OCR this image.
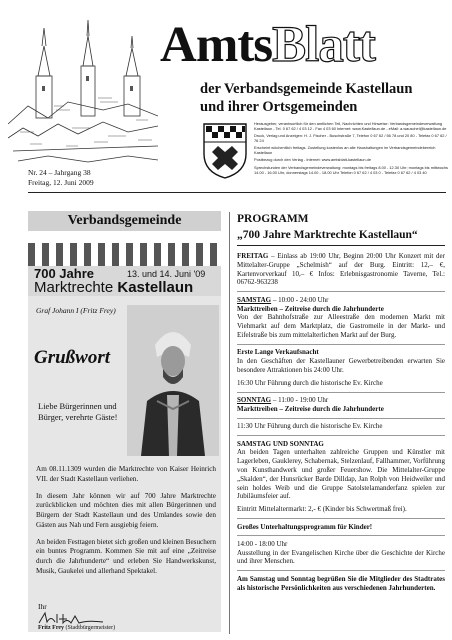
AmtsBlatt
der Verbandsgemeinde Kastellaun
und ihrer Ortsgemeinden

Herausgeber, verantwortlich für den amtlichen Teil, Nachrichten und Hinweise: Verbandsgemeindeverwaltung Kastellaun - Tel. 0 67 62 / 4 03 12 - Fax 4 03 60 Internet: www.Kastellaun.de - eMail: a.wauschel@kastellaun.de

Druck, Verlag und Anzeigen: H. J. Fischer - Buschstraße 7, Telefon 0 67 62 / 56 78 und 20 80 - Telefax 0 67 62 / 76 24

Erscheint wöchentlich freitags. Zustellung kostenlos an alle Haushaltungen im Verbandsgemeindebereich Kastellaun

Postbezug durch den Verlag - Internet: www.amtsblatt-kastellaun.de

Sprechstunden der Verbandsgemeindeverwaltung: montags bis freitags 8.00 - 12.30 Uhr; montags bis mittwochs 14.00 - 16.00 Uhr, donnerstags 14.00 - 18.00 Uhr Telefon 0 67 62 / 4 03 0 - Telefax 0 67 62 / 4 03 40

Nr. 24 – Jahrgang 38
Freitag, 12. Juni 2009
Verbandsgemeinde
700 Jahre	13. und 14. Juni '09
Marktrechte Kastellaun
Graf Johann I (Fritz Frey)
Grußwort
Liebe Bürgerinnen und Bürger, verehrte Gäste!

Am 08.11.1309 wurden die Marktrechte von Kaiser Heinrich VII. der Stadt Kastellaun verliehen.

In diesem Jahr können wir auf 700 Jahre Marktrechte zurückblicken und möchten dies mit allen Bürgerinnen und Bürgern der Stadt Kastellaun und des Umlandes sowie den Gästen aus Nah und Fern ausgiebig feiern.

An beiden Festtagen bietet sich großen und kleinen Besuchern ein buntes Programm. Kommen Sie mit auf eine „Zeitreise durch die Jahrhunderte“ und erleben Sie Handwerkskunst, Musik, Gaukelei und allerhand Spektakel.

Ihr
Fritz Frey (Stadtbürgermeister)
PROGRAMM
„700 Jahre Marktrechte Kastellaun“
FREITAG – Einlass ab 19:00 Uhr, Beginn 20:00 Uhr Konzert mit der Mittelalter-Gruppe „Schelmish“ auf der Burg. Eintritt: 12,– €, Kartenvorverkauf 10,– € Infos: Erlebnisgastronomie Taverne, Tel.: 06762-963238
SAMSTAG – 10:00 - 24:00 Uhr
Markttreiben – Zeitreise durch die Jahrhunderte
Von der Bahnhofstraße zur Alleestraße den modernen Markt mit Viehmarkt auf dem Marktplatz, die Gastromeile in der Markt- und Eifelstraße bis zum mittelalterlichen Markt auf der Burg.
Erste Lange Verkaufsnacht
In den Geschäften der Kastellauner Gewerbetreibenden erwarten Sie besondere Attraktionen bis 24:00 Uhr.
16:30 Uhr Führung durch die historische Ev. Kirche
SONNTAG – 11:00 - 19:00 Uhr
Markttreiben – Zeitreise durch die Jahrhunderte
11:30 Uhr Führung durch die historische Ev. Kirche
SAMSTAG UND SONNTAG
An beiden Tagen unterhalten zahlreiche Gruppen und Künstler mit Lagerleben, Gauklerey, Schabernak, Stelzenlauf, Fallhammer, Vorführung von Kunsthandwerk und großer Feuershow. Die Mittelalter-Gruppe „Skalden“, der Hunsrücker Barde Dilldap, Jan Rolph von Heidweiler und sein holdes Weib und die Gruppe Satolstelamanderfanz spielen zur Jubiläumsfeier auf.
Eintritt Mittelaltermarkt: 2,- € (Kinder bis Schwertmaß frei).
Großes Unterhaltungsprogramm für Kinder!
14:00 - 18:00 Uhr
Ausstellung in der Evangelischen Kirche über die Geschichte der Kirche und ihrer Menschen.
Am Samstag und Sonntag begrüßen Sie die Mitglieder des Stadtrates als historische Persönlichkeiten aus verschiedenen Jahrhunderten.
